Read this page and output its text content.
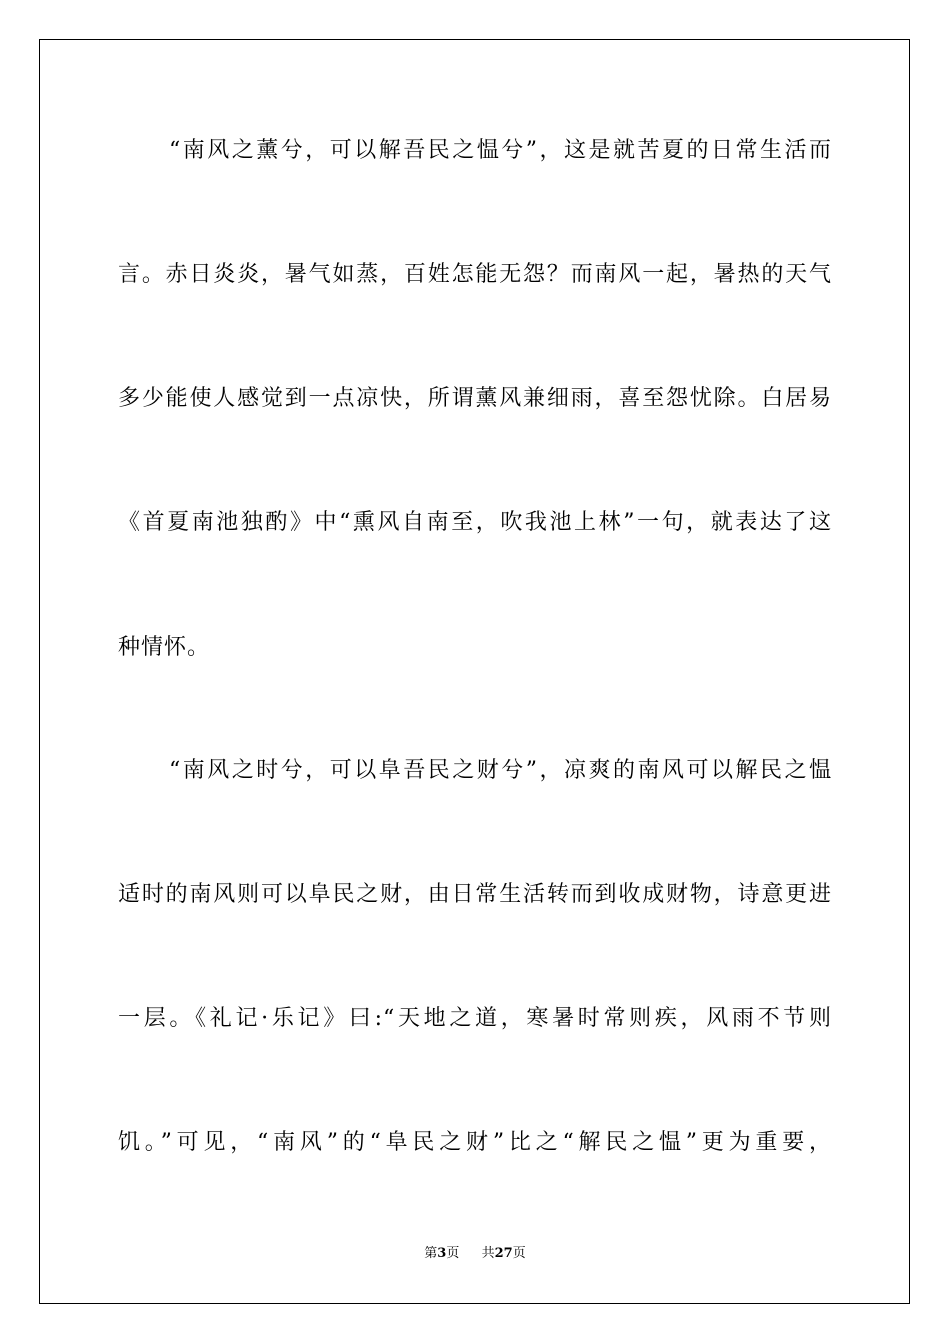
“南风之薰兮，可以解吾民之愠兮”，这是就苦夏的日常生活而
言。赤日炎炎，暑气如蒸，百姓怎能无怨？而南风一起，暑热的天气
多少能使人感觉到一点凉快，所谓薰风兼细雨，喜至怨忧除。白居易
《首夏南池独酌》中“熏风自南至，吹我池上林”一句，就表达了这
种情怀。
“南风之时兮，可以阜吾民之财兮”，凉爽的南风可以解民之愠
适时的南风则可以阜民之财，由日常生活转而到收成财物，诗意更进
一层。《礼记·乐记》曰:“天地之道，寒暑时常则疾，风雨不节则
饥。”可见，“南风”的“阜民之财”比之“解民之愠”更为重要，
第3页 共27页
